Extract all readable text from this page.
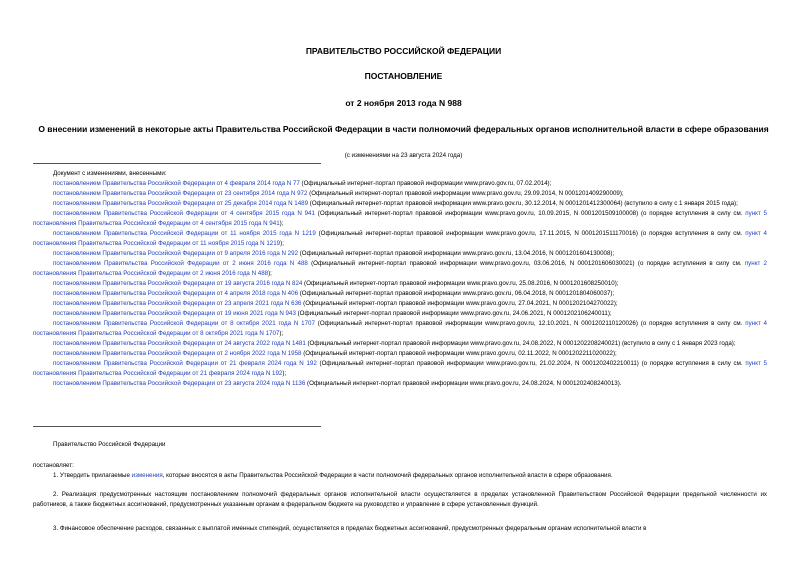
ПРАВИТЕЛЬСТВО РОССИЙСКОЙ ФЕДЕРАЦИИ
ПОСТАНОВЛЕНИЕ
от 2 ноября 2013 года N 988
О внесении изменений в некоторые акты Правительства Российской Федерации в части полномочий федеральных органов исполнительной власти в сфере образования
(с изменениями на 23 августа 2024 года)
Документ с изменениями, внесенными:
постановлением Правительства Российской Федерации от 4 февраля 2014 года N 77 (Официальный интернет-портал правовой информации www.pravo.gov.ru, 07.02.2014);
постановлением Правительства Российской Федерации от 23 сентября 2014 года N 972 (Официальный интернет-портал правовой информации www.pravo.gov.ru, 29.09.2014, N 0001201409290009);
постановлением Правительства Российской Федерации от 25 декабря 2014 года N 1489 (Официальный интернет-портал правовой информации www.pravo.gov.ru, 30.12.2014, N 0001201412300064) (вступило в силу с 1 января 2015 года);
постановлением Правительства Российской Федерации от 4 сентября 2015 года N 941 (Официальный интернет-портал правовой информации www.pravo.gov.ru, 10.09.2015, N 0001201509100008) (о порядке вступления в силу см. пункт 5 постановления Правительства Российской Федерации от 4 сентября 2015 года N 941);
постановлением Правительства Российской Федерации от 11 ноября 2015 года N 1219 (Официальный интернет-портал правовой информации www.pravo.gov.ru, 17.11.2015, N 0001201511170016) (о порядке вступления в силу см. пункт 4 постановления Правительства Российской Федерации от 11 ноября 2015 года N 1219);
постановлением Правительства Российской Федерации от 9 апреля 2016 года N 292 (Официальный интернет-портал правовой информации www.pravo.gov.ru, 13.04.2016, N 0001201604130008);
постановлением Правительства Российской Федерации от 2 июня 2016 года N 488 (Официальный интернет-портал правовой информации www.pravo.gov.ru, 03.06.2016, N 0001201606030021) (о порядке вступления в силу см. пункт 2 постановления Правительства Российской Федерации от 2 июня 2016 года N 488);
постановлением Правительства Российской Федерации от 19 августа 2016 года N 824 (Официальный интернет-портал правовой информации www.pravo.gov.ru, 25.08.2016, N 0001201608250010);
постановлением Правительства Российской Федерации от 4 апреля 2018 года N 406 (Официальный интернет-портал правовой информации www.pravo.gov.ru, 06.04.2018, N 0001201804060037);
постановлением Правительства Российской Федерации от 23 апреля 2021 года N 636 (Официальный интернет-портал правовой информации www.pravo.gov.ru, 27.04.2021, N 0001202104270022);
постановлением Правительства Российской Федерации от 19 июня 2021 года N 943 (Официальный интернет-портал правовой информации www.pravo.gov.ru, 24.06.2021, N 0001202106240011);
постановлением Правительства Российской Федерации от 8 октября 2021 года N 1707 (Официальный интернет-портал правовой информации www.pravo.gov.ru, 12.10.2021, N 0001202110120026) (о порядке вступления в силу см. пункт 4 постановления Правительства Российской Федерации от 8 октября 2021 года N 1707);
постановлением Правительства Российской Федерации от 24 августа 2022 года N 1481 (Официальный интернет-портал правовой информации www.pravo.gov.ru, 24.08.2022, N 0001202208240021) (вступило в силу с 1 января 2023 года);
постановлением Правительства Российской Федерации от 2 ноября 2022 года N 1958 (Официальный интернет-портал правовой информации www.pravo.gov.ru, 02.11.2022, N 0001202211020022);
постановлением Правительства Российской Федерации от 21 февраля 2024 года N 192 (Официальный интернет-портал правовой информации www.pravo.gov.ru, 21.02.2024, N 0001202402210011) (о порядке вступления в силу см. пункт 5 постановления Правительства Российской Федерации от 21 февраля 2024 года N 192);
постановлением Правительства Российской Федерации от 23 августа 2024 года N 1136 (Официальный интернет-портал правовой информации www.pravo.gov.ru, 24.08.2024, N 0001202408240013).
Правительство Российской Федерации
постановляет:
1. Утвердить прилагаемые изменения, которые вносятся в акты Правительства Российской Федерации в части полномочий федеральных органов исполнительной власти в сфере образования.
2. Реализация предусмотренных настоящим постановлением полномочий федеральных органов исполнительной власти осуществляется в пределах установленной Правительством Российской Федерации предельной численности их работников, а также бюджетных ассигнований, предусмотренных указанным органам в федеральном бюджете на руководство и управление в сфере установленных функций.
3. Финансовое обеспечение расходов, связанных с выплатой именных стипендий, осуществляется в пределах бюджетных ассигнований, предусмотренных федеральным органам исполнительной власти в
